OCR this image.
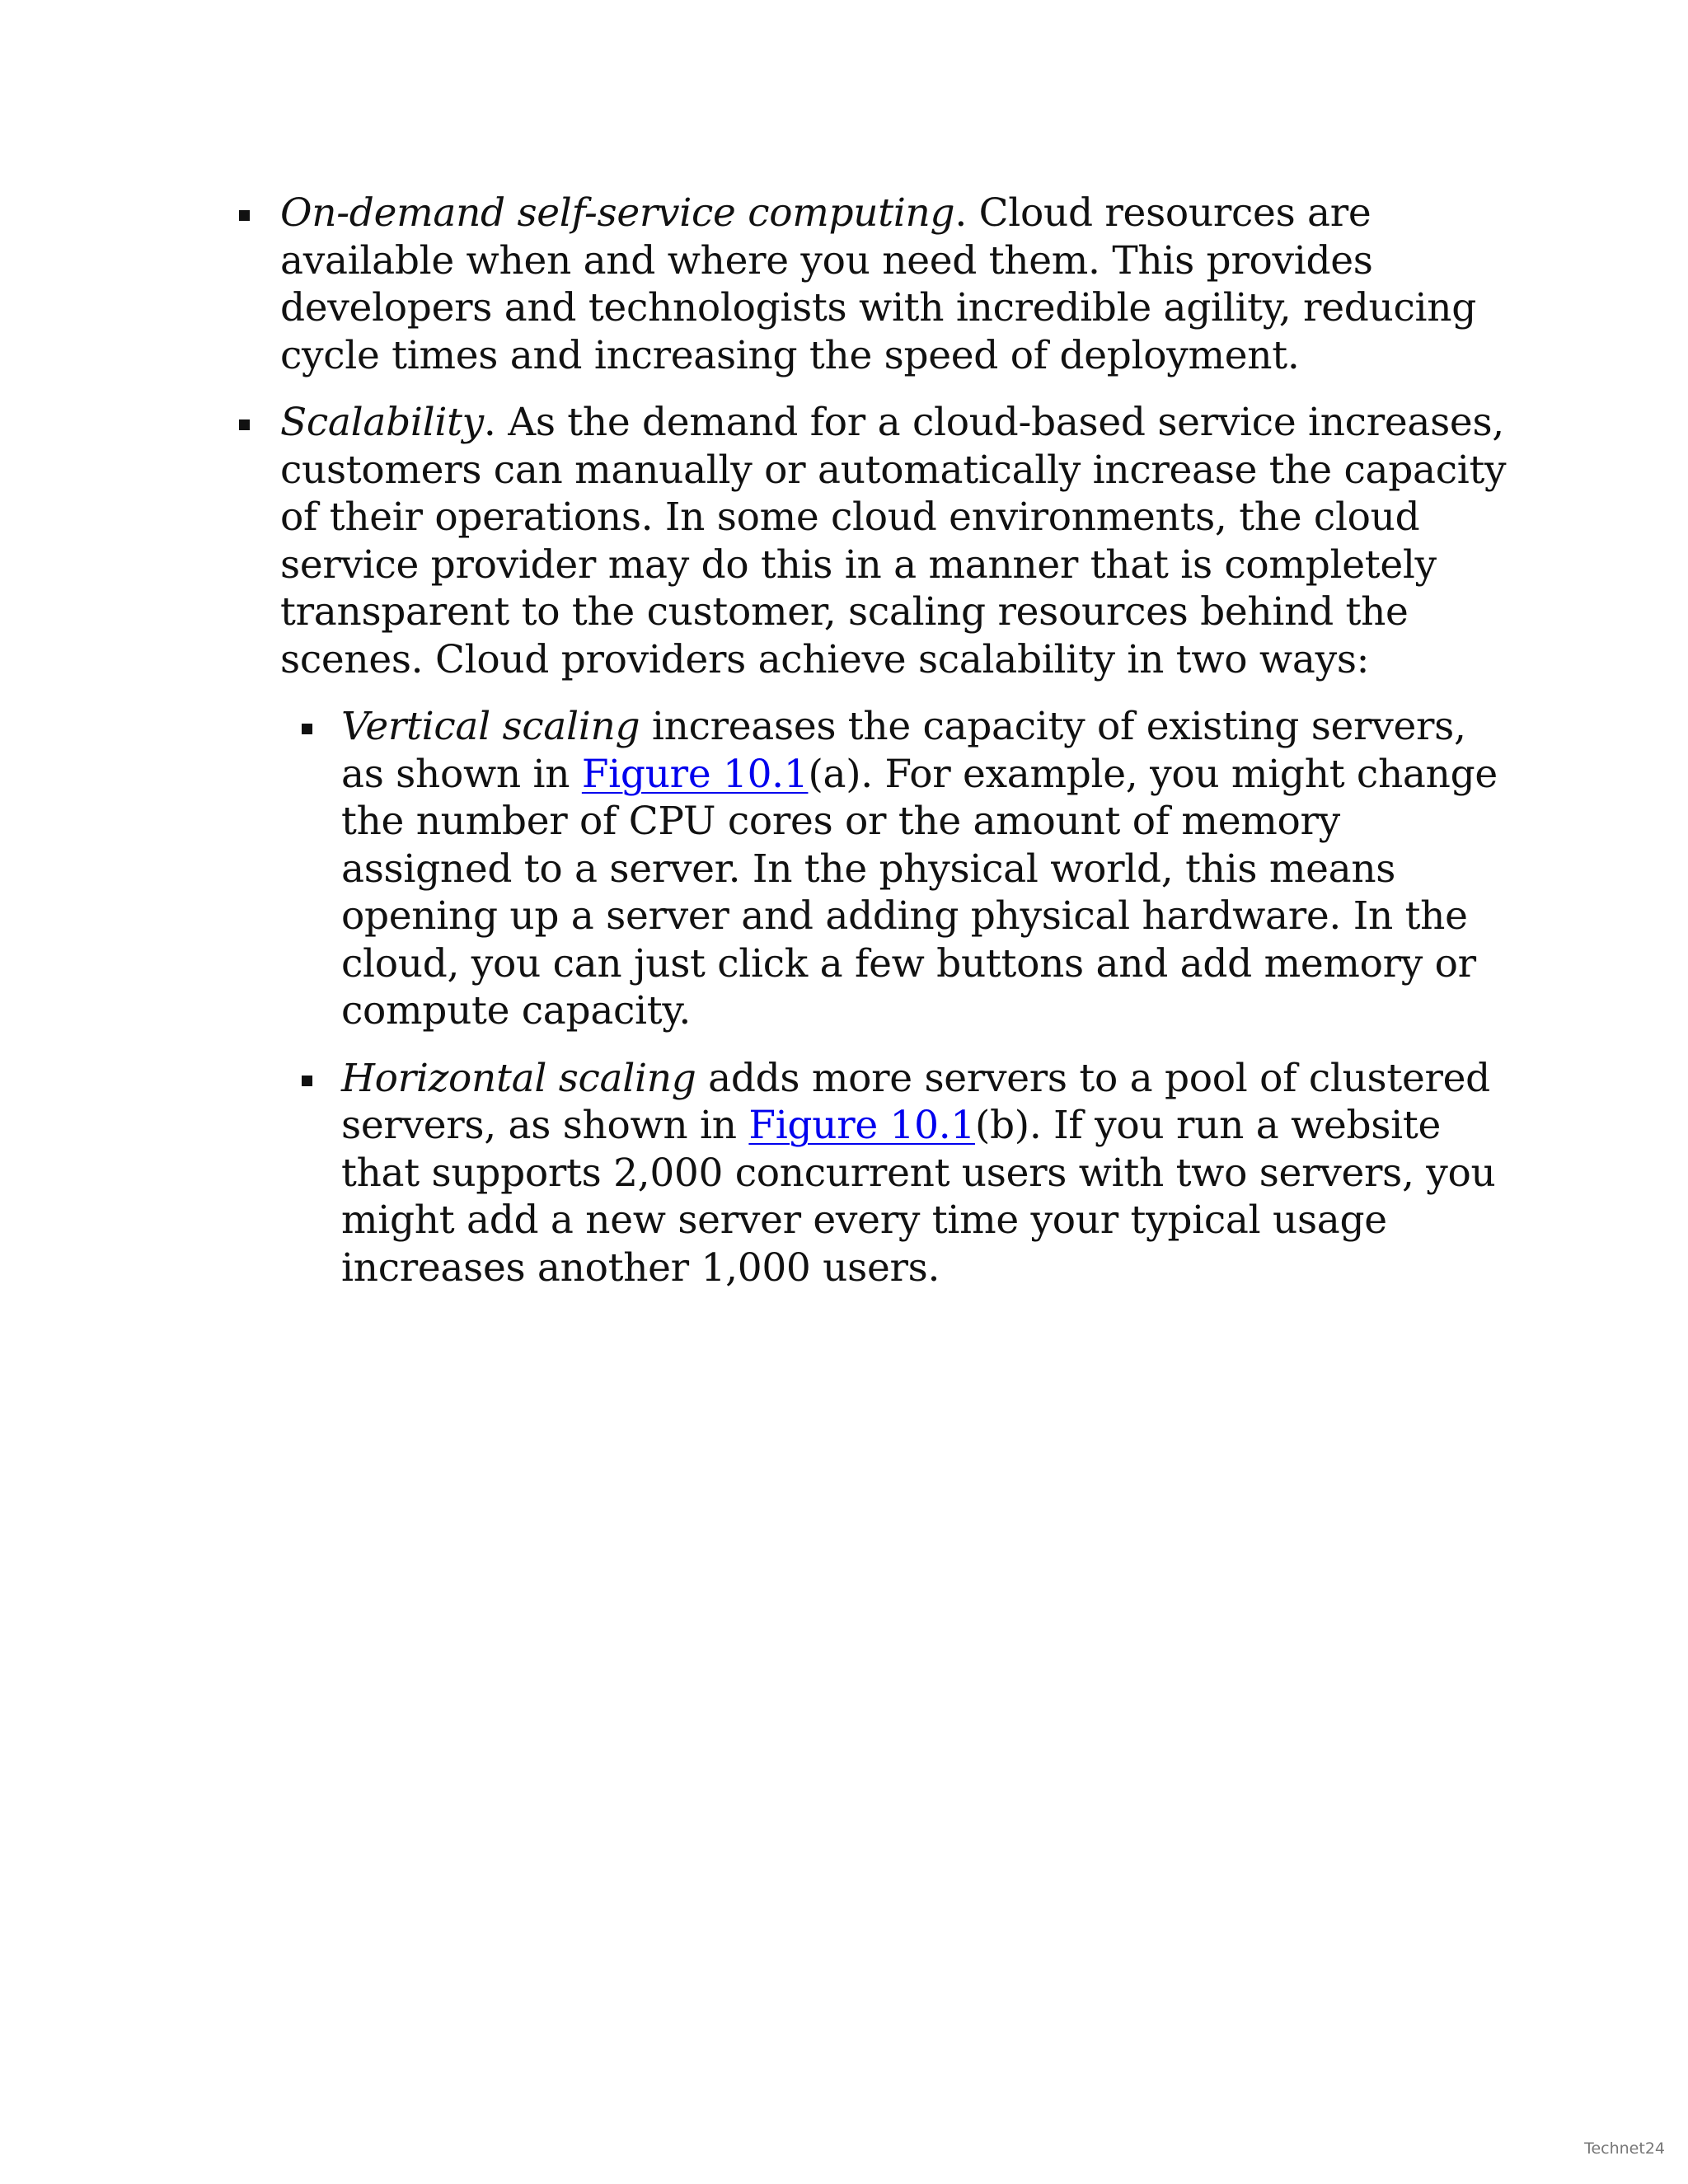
On-demand self-service computing. Cloud resources are available when and where you need them. This provides developers and technologists with incredible agility, reducing cycle times and increasing the speed of deployment.
Scalability. As the demand for a cloud-based service increases, customers can manually or automatically increase the capacity of their operations. In some cloud environments, the cloud service provider may do this in a manner that is completely transparent to the customer, scaling resources behind the scenes. Cloud providers achieve scalability in two ways:
Vertical scaling increases the capacity of existing servers, as shown in Figure 10.1(a). For example, you might change the number of CPU cores or the amount of memory assigned to a server. In the physical world, this means opening up a server and adding physical hardware. In the cloud, you can just click a few buttons and add memory or compute capacity.
Horizontal scaling adds more servers to a pool of clustered servers, as shown in Figure 10.1(b). If you run a website that supports 2,000 concurrent users with two servers, you might add a new server every time your typical usage increases another 1,000 users.
Technet24
